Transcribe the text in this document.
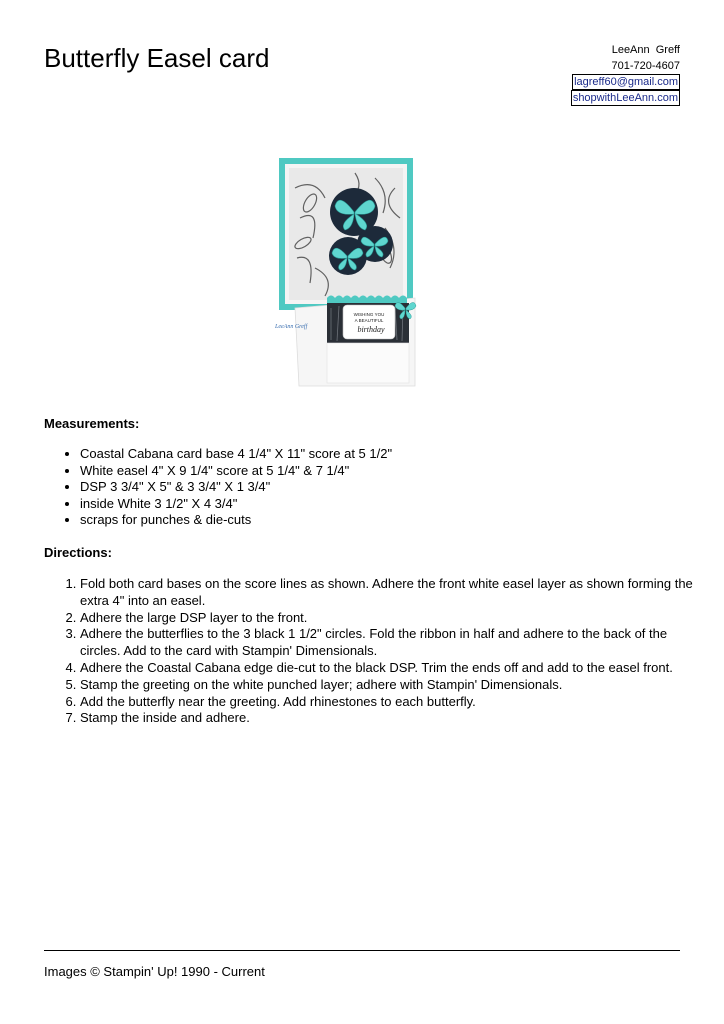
Butterfly Easel card	LeeAnn  Greff
701-720-4607
lagreff60@gmail.com
shopwithLeeAnn.com
WISHING YOU
A BEAUTIFUL
birthday
LeeAnn Greff
Measurements:
• Coastal Cabana card base 4 1/4" X 11" score at 5 1/2"
• White easel 4" X 9 1/4" score at 5 1/4" & 7 1/4"
• DSP 3 3/4" X 5" & 3 3/4" X 1 3/4"
• inside White 3 1/2" X 4 3/4"
• scraps for punches & die-cuts
Directions:
1. Fold both card bases on the score lines as shown. Adhere the front white easel layer as shown forming the extra 4" into an easel.
2. Adhere the large DSP layer to the front.
3. Adhere the butterflies to the 3 black 1 1/2" circles. Fold the ribbon in half and adhere to the back of the circles. Add to the card with Stampin' Dimensionals.
4. Adhere the Coastal Cabana edge die-cut to the black DSP. Trim the ends off and add to the easel front.
5. Stamp the greeting on the white punched layer; adhere with Stampin' Dimensionals.
6. Add the butterfly near the greeting. Add rhinestones to each butterfly.
7. Stamp the inside and adhere.
Images © Stampin' Up! 1990 - Current
